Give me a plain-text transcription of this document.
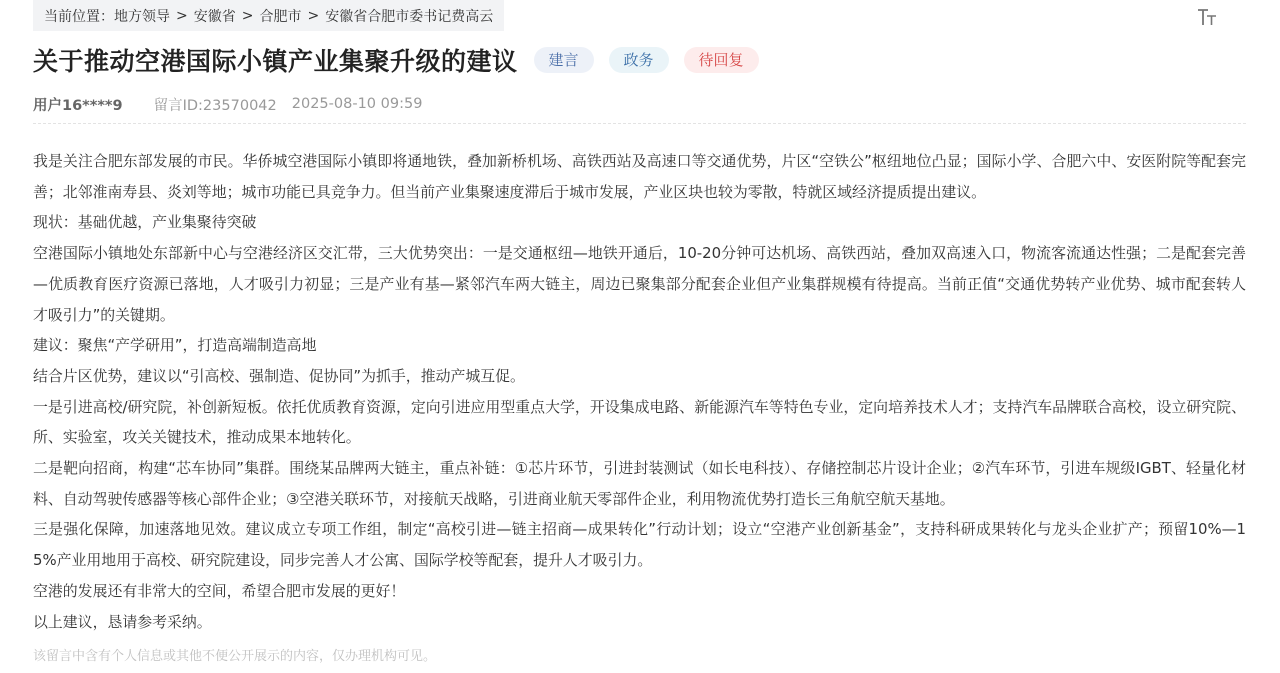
当前位置： 地方领导 > 安徽省 > 合肥市 > 安徽省合肥市委书记费高云
关于推动空港国际小镇产业集聚升级的建议	建言	政务	待回复
用户16****9 留言ID:23570042 2025-08-10 09:59

我是关注合肥东部发展的市民。华侨城空港国际小镇即将通地铁，叠加新桥机场、高铁西站及高速口等交通优势，片区“空铁公”枢纽地位凸显；国际小学、合肥六中、安医附院等配套完善；北邻淮南寿县、炎刘等地；城市功能已具竞争力。但当前产业集聚速度滞后于城市发展，产业区块也较为零散，特就区域经济提质提出建议。

现状：基础优越，产业集聚待突破

空港国际小镇地处东部新中心与空港经济区交汇带，三大优势突出：一是交通枢纽—地铁开通后，10-20分钟可达机场、高铁西站，叠加双高速入口，物流客流通达性强；二是配套完善—优质教育医疗资源已落地，人才吸引力初显；三是产业有基—紧邻汽车两大链主，周边已聚集部分配套企业但产业集群规模有待提高。当前正值“交通优势转产业优势、城市配套转人才吸引力”的关键期。

建议：聚焦“产学研用”，打造高端制造高地

结合片区优势，建议以“引高校、强制造、促协同”为抓手，推动产城互促。

一是引进高校/研究院，补创新短板。依托优质教育资源，定向引进应用型重点大学，开设集成电路、新能源汽车等特色专业，定向培养技术人才；支持汽车品牌联合高校，设立研究院、所、实验室，攻关关键技术，推动成果本地转化。

二是靶向招商，构建“芯车协同”集群。围绕某品牌两大链主，重点补链：①芯片环节，引进封装测试（如长电科技）、存储控制芯片设计企业；②汽车环节，引进车规级IGBT、轻量化材料、自动驾驶传感器等核心部件企业；③空港关联环节，对接航天战略，引进商业航天零部件企业，利用物流优势打造长三角航空航天基地。

三是强化保障，加速落地见效。建议成立专项工作组，制定“高校引进—链主招商—成果转化”行动计划；设立“空港产业创新基金”，支持科研成果转化与龙头企业扩产；预留10%—15%产业用地用于高校、研究院建设，同步完善人才公寓、国际学校等配套，提升人才吸引力。

空港的发展还有非常大的空间，希望合肥市发展的更好！

以上建议，恳请参考采纳。

该留言中含有个人信息或其他不便公开展示的内容，仅办理机构可见。
